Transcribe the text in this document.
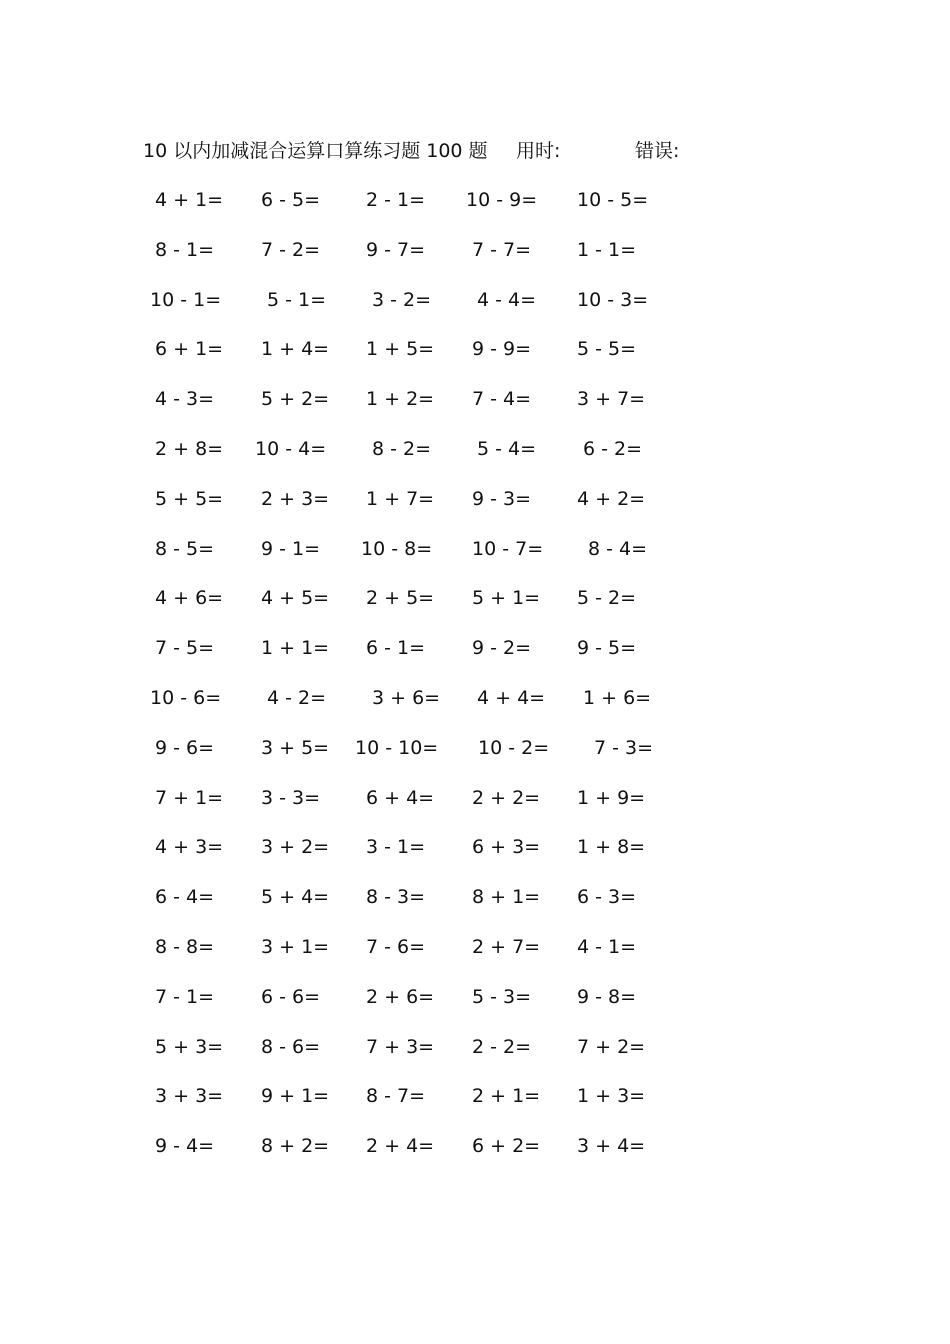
10 以内加减混合运算口算练习题 100 题 用时:	错误:
4 + 1= 6 - 5= 2 - 1= 10 - 9= 10 - 5=
8 - 1= 7 - 2= 9 - 7= 7 - 7= 1 - 1=
10 - 1= 5 - 1= 3 - 2= 4 - 4= 10 - 3=
6 + 1= 1 + 4= 1 + 5= 9 - 9= 5 - 5=
4 - 3= 5 + 2= 1 + 2= 7 - 4= 3 + 7=
2 + 8= 10 - 4= 8 - 2= 5 - 4= 6 - 2=
5 + 5= 2 + 3= 1 + 7= 9 - 3= 4 + 2=
8 - 5= 9 - 1= 10 - 8= 10 - 7= 8 - 4=
4 + 6= 4 + 5= 2 + 5= 5 + 1= 5 - 2=
7 - 5= 1 + 1= 6 - 1= 9 - 2= 9 - 5=
10 - 6= 4 - 2= 3 + 6= 4 + 4= 1 + 6=
9 - 6= 3 + 5= 10 - 10= 10 - 2= 7 - 3=
7 + 1= 3 - 3= 6 + 4= 2 + 2= 1 + 9=
4 + 3= 3 + 2= 3 - 1= 6 + 3= 1 + 8=
6 - 4= 5 + 4= 8 - 3= 8 + 1= 6 - 3=
8 - 8= 3 + 1= 7 - 6= 2 + 7= 4 - 1=
7 - 1= 6 - 6= 2 + 6= 5 - 3= 9 - 8=
5 + 3= 8 - 6= 7 + 3= 2 - 2= 7 + 2=
3 + 3= 9 + 1= 8 - 7= 2 + 1= 1 + 3=
9 - 4= 8 + 2= 2 + 4= 6 + 2= 3 + 4=
